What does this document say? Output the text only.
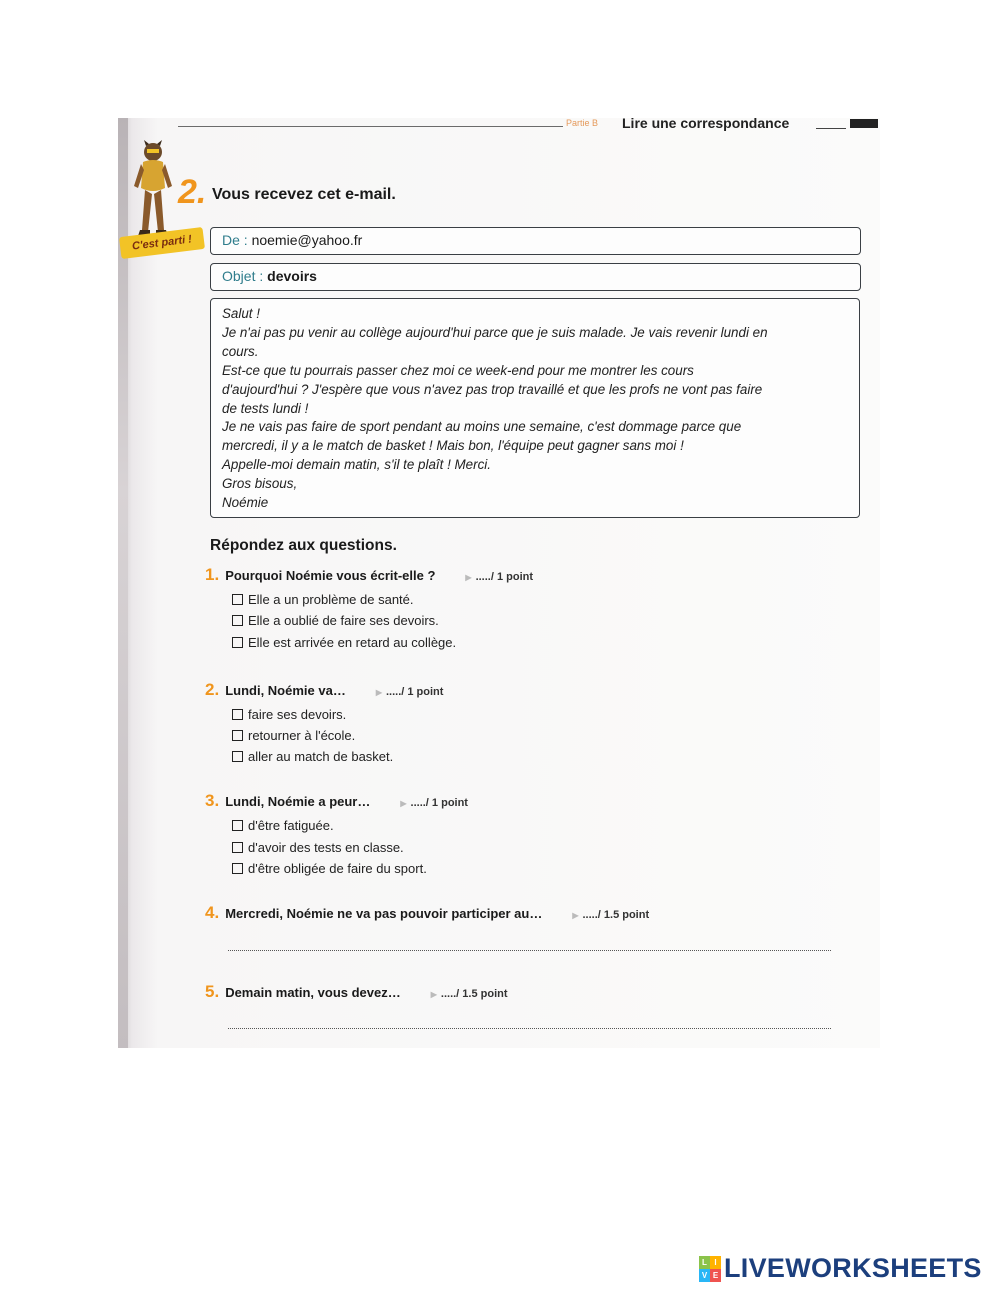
Partie B Lire une correspondance
C'est parti !
2. Vous recevez cet e-mail.
De : noemie@yahoo.fr
Objet : devoirs
Salut !
Je n'ai pas pu venir au collège aujourd'hui parce que je suis malade. Je vais revenir lundi en
cours.
Est-ce que tu pourrais passer chez moi ce week-end pour me montrer les cours
d'aujourd'hui ? J'espère que vous n'avez pas trop travaillé et que les profs ne vont pas faire
de tests lundi !
Je ne vais pas faire de sport pendant au moins une semaine, c'est dommage parce que
mercredi, il y a le match de basket ! Mais bon, l'équipe peut gagner sans moi !
Appelle-moi demain matin, s'il te plaît ! Merci.
Gros bisous,
Noémie
Répondez aux questions.
1. Pourquoi Noémie vous écrit-elle ?	▶ ...../ 1 point
Elle a un problème de santé.
Elle a oublié de faire ses devoirs.
Elle est arrivée en retard au collège.
2. Lundi, Noémie va…	▶ ...../ 1 point
faire ses devoirs.
retourner à l'école.
aller au match de basket.
3. Lundi, Noémie a peur…	▶ ...../ 1 point
d'être fatiguée.
d'avoir des tests en classe.
d'être obligée de faire du sport.
4. Mercredi, Noémie ne va pas pouvoir participer au…	▶ ...../ 1.5 point
5. Demain matin, vous devez…	▶ ...../ 1.5 point
L I
V E LIVEWORKSHEETS
